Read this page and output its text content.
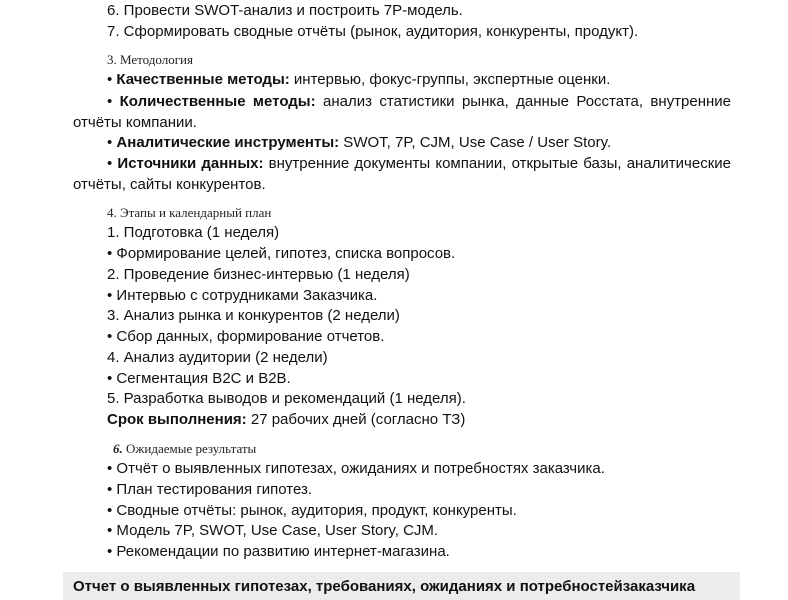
6. Провести SWOT-анализ и построить 7P-модель.
7. Сформировать сводные отчёты (рынок, аудитория, конкуренты, продукт).
3. Методология
• Качественные методы: интервью, фокус-группы, экспертные оценки.
• Количественные методы: анализ статистики рынка, данные Росстата, внутренние
отчёты компании.
• Аналитические инструменты: SWOT, 7P, CJM, Use Case / User Story.
• Источники данных: внутренние документы компании, открытые базы, аналитические
отчёты, сайты конкурентов.
4. Этапы и календарный план
1. Подготовка (1 неделя)
• Формирование целей, гипотез, списка вопросов.
2. Проведение бизнес-интервью (1 неделя)
• Интервью с сотрудниками Заказчика.
3. Анализ рынка и конкурентов (2 недели)
• Сбор данных, формирование отчетов.
4. Анализ аудитории (2 недели)
• Сегментация B2C и B2B.
5. Разработка выводов и рекомендаций (1 неделя).
Срок выполнения: 27 рабочих дней (согласно ТЗ)
6. Ожидаемые результаты
• Отчёт о выявленных гипотезах, ожиданиях и потребностях заказчика.
• План тестирования гипотез.
• Сводные отчёты: рынок, аудитория, продукт, конкуренты.
• Модель 7P, SWOT, Use Case, User Story, CJM.
• Рекомендации по развитию интернет-магазина.
Отчет о выявленных гипотезах, требованиях, ожиданиях и потребностейзаказчика
